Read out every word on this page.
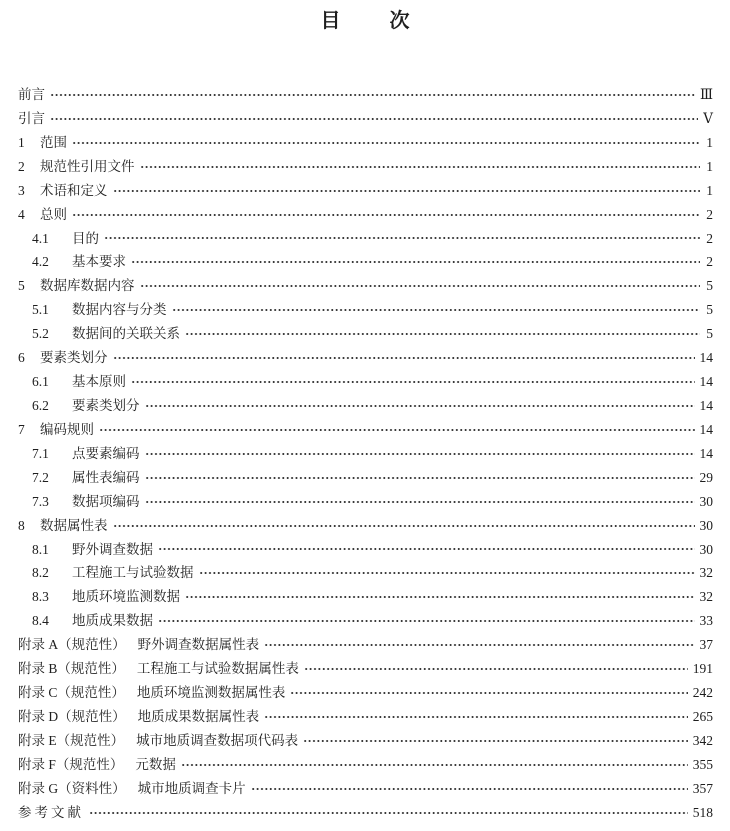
目 次
前言	Ⅲ
引言	Ⅴ
1	范围	1
2	规范性引用文件	1
3	术语和定义	1
4	总则	2
4.1	目的	2
4.2	基本要求	2
5	数据库数据内容	5
5.1	数据内容与分类	5
5.2	数据间的关联关系	5
6	要素类划分	14
6.1	基本原则	14
6.2	要素类划分	14
7	编码规则	14
7.1	点要素编码	14
7.2	属性表编码	29
7.3	数据项编码	30
8	数据属性表	30
8.1	野外调查数据	30
8.2	工程施工与试验数据	32
8.3	地质环境监测数据	32
8.4	地质成果数据	33
附录 A（规范性） 野外调查数据属性表	37
附录 B（规范性） 工程施工与试验数据属性表	191
附录 C（规范性） 地质环境监测数据属性表	242
附录 D（规范性） 地质成果数据属性表	265
附录 E（规范性） 城市地质调查数据项代码表	342
附录 F（规范性） 元数据	355
附录 G（资料性） 城市地质调查卡片	357
参考文献	518
